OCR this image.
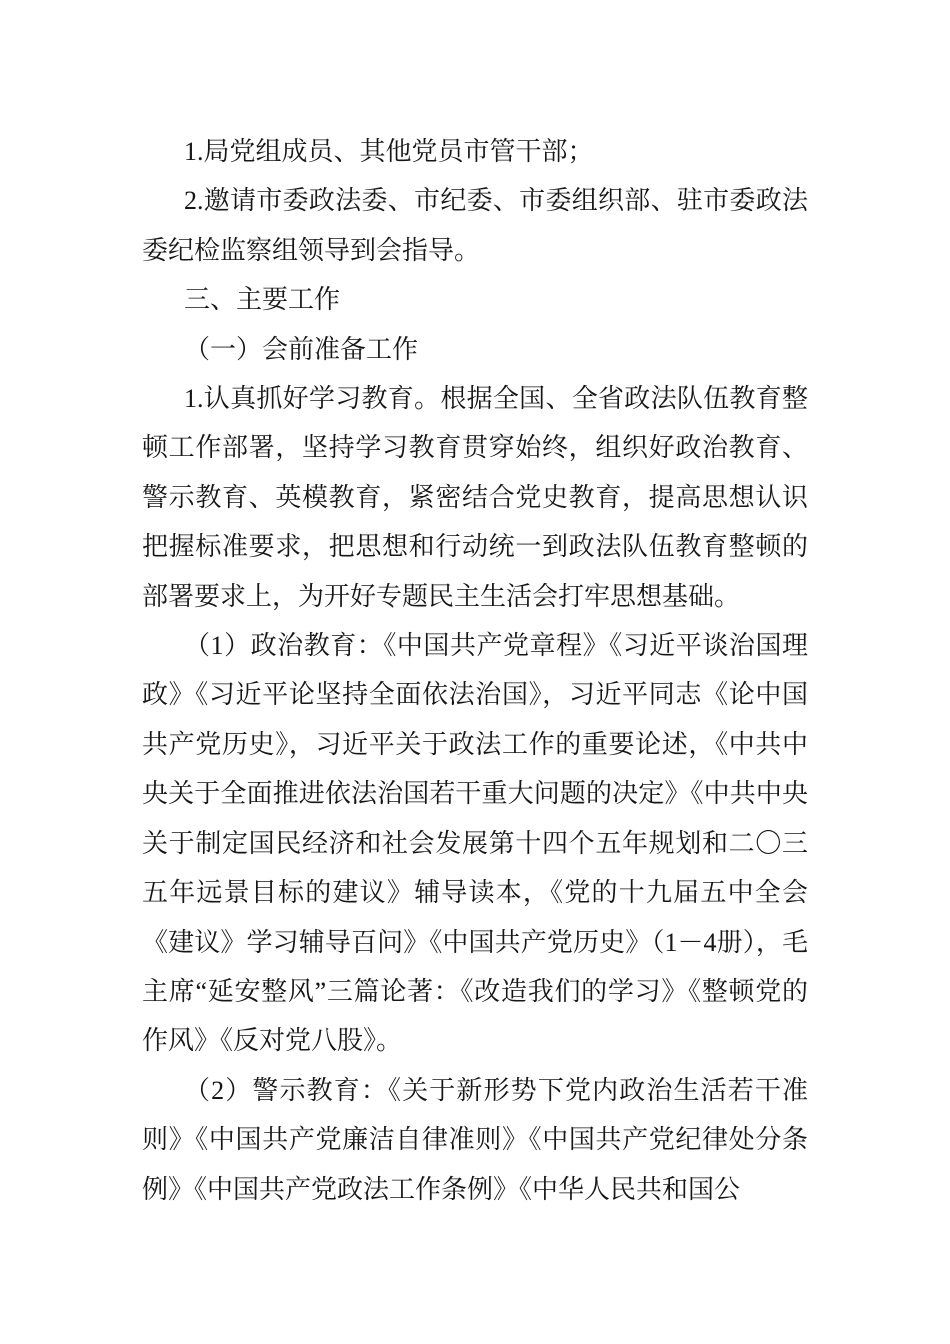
1.局党组成员、其他党员市管干部；

2.邀请市委政法委、市纪委、市委组织部、驻市委政法委纪检监察组领导到会指导。

三、主要工作

（一）会前准备工作

1.认真抓好学习教育。根据全国、全省政法队伍教育整顿工作部署，坚持学习教育贯穿始终，组织好政治教育、警示教育、英模教育，紧密结合党史教育，提高思想认识把握标准要求，把思想和行动统一到政法队伍教育整顿的部署要求上，为开好专题民主生活会打牢思想基础。

（1）政治教育：《中国共产党章程》《习近平谈治国理政》《习近平论坚持全面依法治国》，习近平同志《论中国共产党历史》，习近平关于政法工作的重要论述，《中共中央关于全面推进依法治国若干重大问题的决定》《中共中央关于制定国民经济和社会发展第十四个五年规划和二〇三五年远景目标的建议》辅导读本，《党的十九届五中全会《建议》学习辅导百问》《中国共产党历史》（1－4册），毛主席“延安整风”三篇论著：《改造我们的学习》《整顿党的作风》《反对党八股》。

（2）警示教育：《关于新形势下党内政治生活若干准则》《中国共产党廉洁自律准则》《中国共产党纪律处分条例》《中国共产党政法工作条例》《中华人民共和国公
